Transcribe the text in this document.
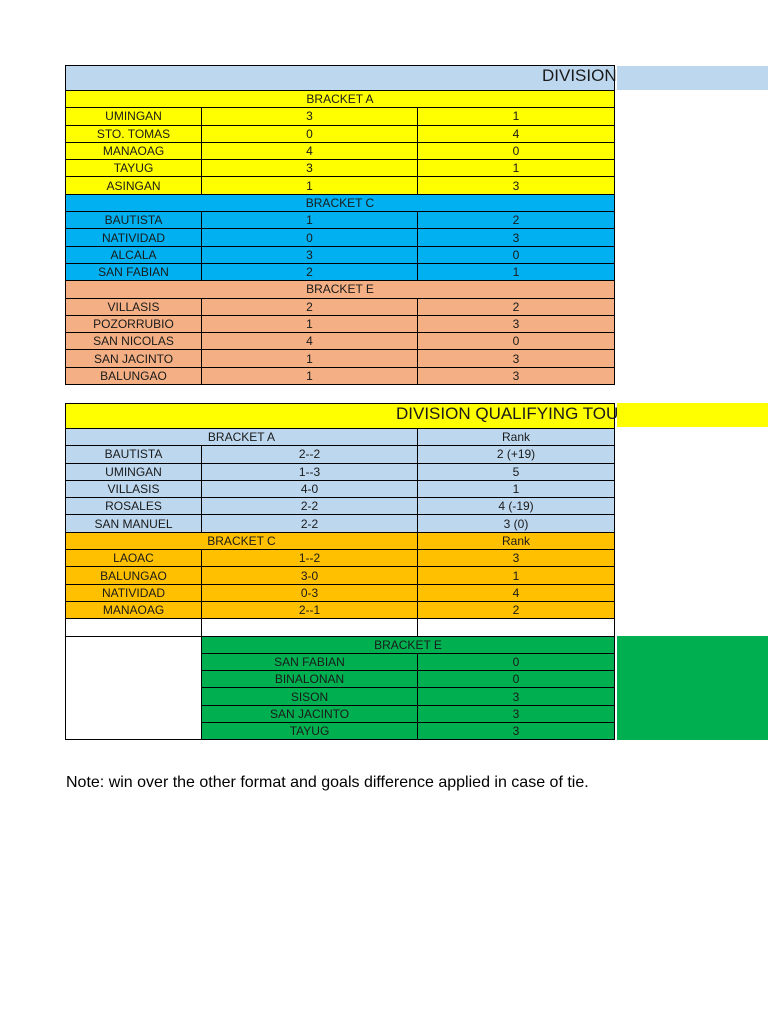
DIVISION		

BRACKET A		
UMINGAN	3	1
STO. TOMAS	0	4
MANAOAG	4	0
TAYUG	3	1
ASINGAN	1	3
BRACKET C		
BAUTISTA	1	2
NATIVIDAD	0	3
ALCALA	3	0
SAN FABIAN	2	1
BRACKET E		
VILLASIS	2	2
POZORRUBIO	1	3
SAN NICOLAS	4	0
SAN JACINTO	1	3
BALUNGAO	1	3
DIVISION QUALIFYING TOU		

BRACKET A		Rank
BAUTISTA	2--2	2 (+19)
UMINGAN	1--3	5
VILLASIS	4-0	1
ROSALES	2-2	4 (-19)
SAN MANUEL	2-2	3 (0)
BRACKET C		Rank
LAOAC	1--2	3
BALUNGAO	3-0	1
NATIVIDAD	0-3	4
MANAOAG	2--1	2

	BRACKET E	
	SAN FABIAN	0
	BINALONAN	0
	SISON	3
	SAN JACINTO	3
	TAYUG	3
Note: win over the other format and goals difference applied in case of tie.
